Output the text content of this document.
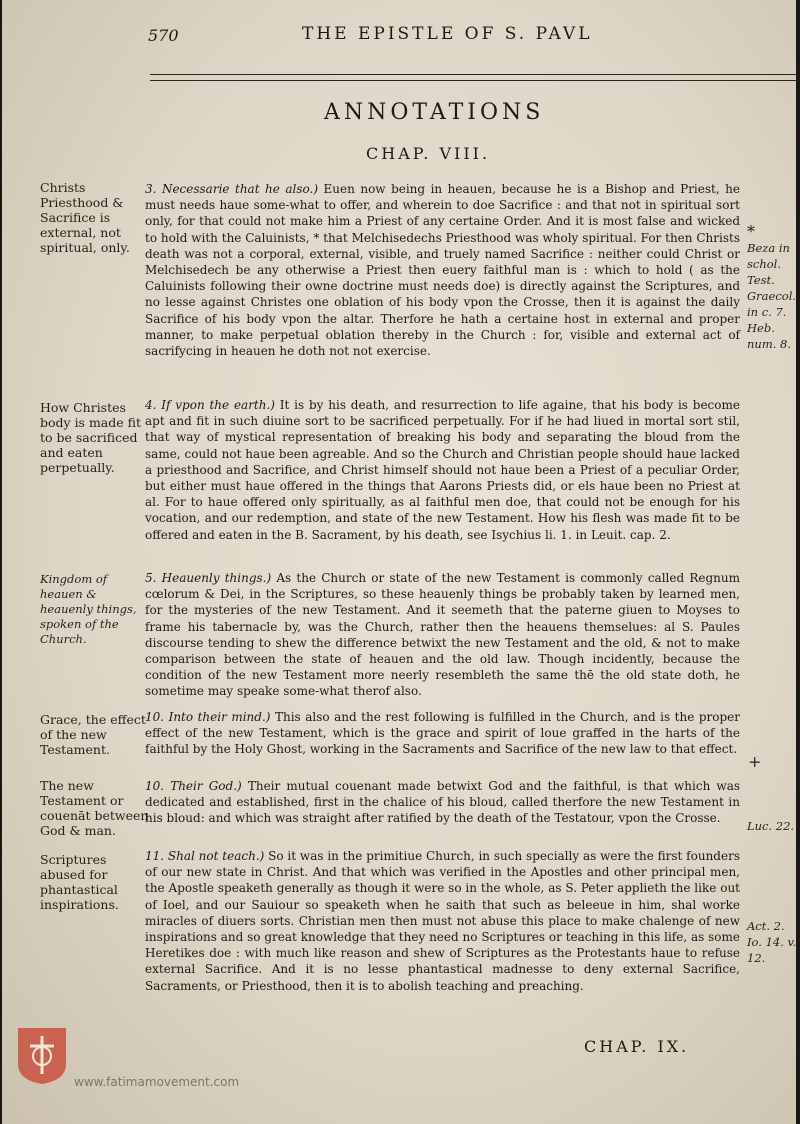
570	THE EPISTLE OF S. PAVL
ANNOTATIONS
CHAP. VIII.
Christs Priesthood & Sacrifice is external, not spiritual, only.
How Christes body is made fit to be sacrificed and eaten perpetually.
Kingdom of heauen & heauenly things, spoken of the Church.
Grace, the effect of the new Testament.
The new Testament or couenāt between God & man.
Scriptures abused for phantastical inspirations.
Beza in schol. Test. Graecol. in c. 7. Heb. num. 8.
Luc. 22.
Act. 2. Io. 14. v. 12.
*
+
3. Necessarie that he also.) Euen now being in heauen, because he is a Bishop and Priest, he must needs haue some-what to offer, and wherein to doe Sacrifice : and that not in spiritual sort only, for that could not make him a Priest of any certaine Order. And it is most false and wicked to hold with the Caluinists, * that Melchisedechs Priesthood was wholy spiritual. For then Christs death was not a corporal, external, visible, and truely named Sacrifice : neither could Christ or Melchisedech be any otherwise a Priest then euery faithful man is : which to hold ( as the Caluinists following their owne doctrine must needs doe) is directly against the Scriptures, and no lesse against Christes one oblation of his body vpon the Crosse, then it is against the daily Sacrifice of his body vpon the altar. Therfore he hath a certaine host in external and proper manner, to make perpetual oblation thereby in the Church : for, visible and external act of sacrifycing in heauen he doth not not exercise.
4. If vpon the earth.) It is by his death, and resurrection to life againe, that his body is become apt and fit in such diuine sort to be sacrificed perpetually. For if he had liued in mortal sort stil, that way of mystical representation of breaking his body and separating the bloud from the same, could not haue been agreable. And so the Church and Christian people should haue lacked a priesthood and Sacrifice, and Christ himself should not haue been a Priest of a peculiar Order, but either must haue offered in the things that Aarons Priests did, or els haue been no Priest at al. For to haue offered only spiritually, as al faithful men doe, that could not be enough for his vocation, and our redemption, and state of the new Testament. How his flesh was made fit to be offered and eaten in the B. Sacrament, by his death, see Isychius li. 1. in Leuit. cap. 2.
5. Heauenly things.) As the Church or state of the new Testament is commonly called Regnum cœlorum & Dei, in the Scriptures, so these heauenly things be probably taken by learned men, for the mysteries of the new Testament. And it seemeth that the paterne giuen to Moyses to frame his tabernacle by, was the Church, rather then the heauens themselues: al S. Paules discourse tending to shew the difference betwixt the new Testament and the old, & not to make comparison between the state of heauen and the old law. Though incidently, because the condition of the new Testament more neerly resembleth the same thē the old state doth, he sometime may speake some-what therof also.
10. Into their mind.) This also and the rest following is fulfilled in the Church, and is the proper effect of the new Testament, which is the grace and spirit of loue graffed in the harts of the faithful by the Holy Ghost, working in the Sacraments and Sacrifice of the new law to that effect.
10. Their God.) Their mutual couenant made betwixt God and the faithful, is that which was dedicated and established, first in the chalice of his bloud, called therfore the new Testament in his bloud: and which was straight after ratified by the death of the Testatour, vpon the Crosse.
11. Shal not teach.) So it was in the primitiue Church, in such specially as were the first founders of our new state in Christ. And that which was verified in the Apostles and other principal men, the Apostle speaketh generally as though it were so in the whole, as S. Peter applieth the like out of Ioel, and our Sauiour so speaketh when he saith that such as beleeue in him, shal worke miracles of diuers sorts. Christian men then must not abuse this place to make chalenge of new inspirations and so great knowledge that they need no Scriptures or teaching in this life, as some Heretikes doe : with much like reason and shew of Scriptures as the Protestants haue to refuse external Sacrifice. And it is no lesse phantastical madnesse to deny external Sacrifice, Sacraments, or Priesthood, then it is to abolish teaching and preaching.
CHAP. IX.
www.fatimamovement.com
